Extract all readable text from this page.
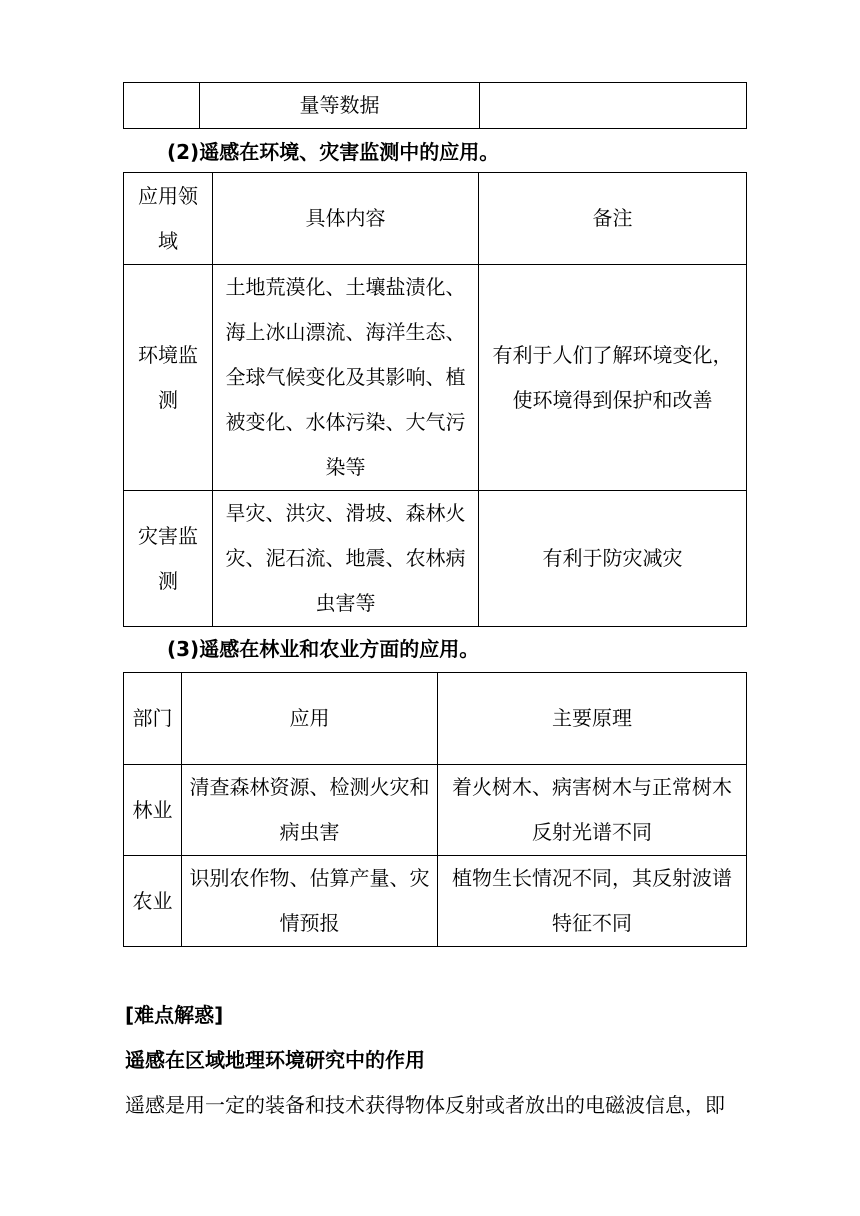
	量等数据	
(2)遥感在环境、灾害监测中的应用。
应用领域	具体内容	备注
环境监测	土地荒漠化、土壤盐渍化、海上冰山漂流、海洋生态、全球气候变化及其影响、植被变化、水体污染、大气污染等	有利于人们了解环境变化，使环境得到保护和改善
灾害监测	旱灾、洪灾、滑坡、森林火灾、泥石流、地震、农林病虫害等	有利于防灾减灾
(3)遥感在林业和农业方面的应用。
部门	应用	主要原理
林业	清查森林资源、检测火灾和病虫害	着火树木、病害树木与正常树木反射光谱不同
农业	识别农作物、估算产量、灾情预报	植物生长情况不同，其反射波谱特征不同
[难点解惑]
遥感在区域地理环境研究中的作用
遥感是用一定的装备和技术获得物体反射或者放出的电磁波信息，即
